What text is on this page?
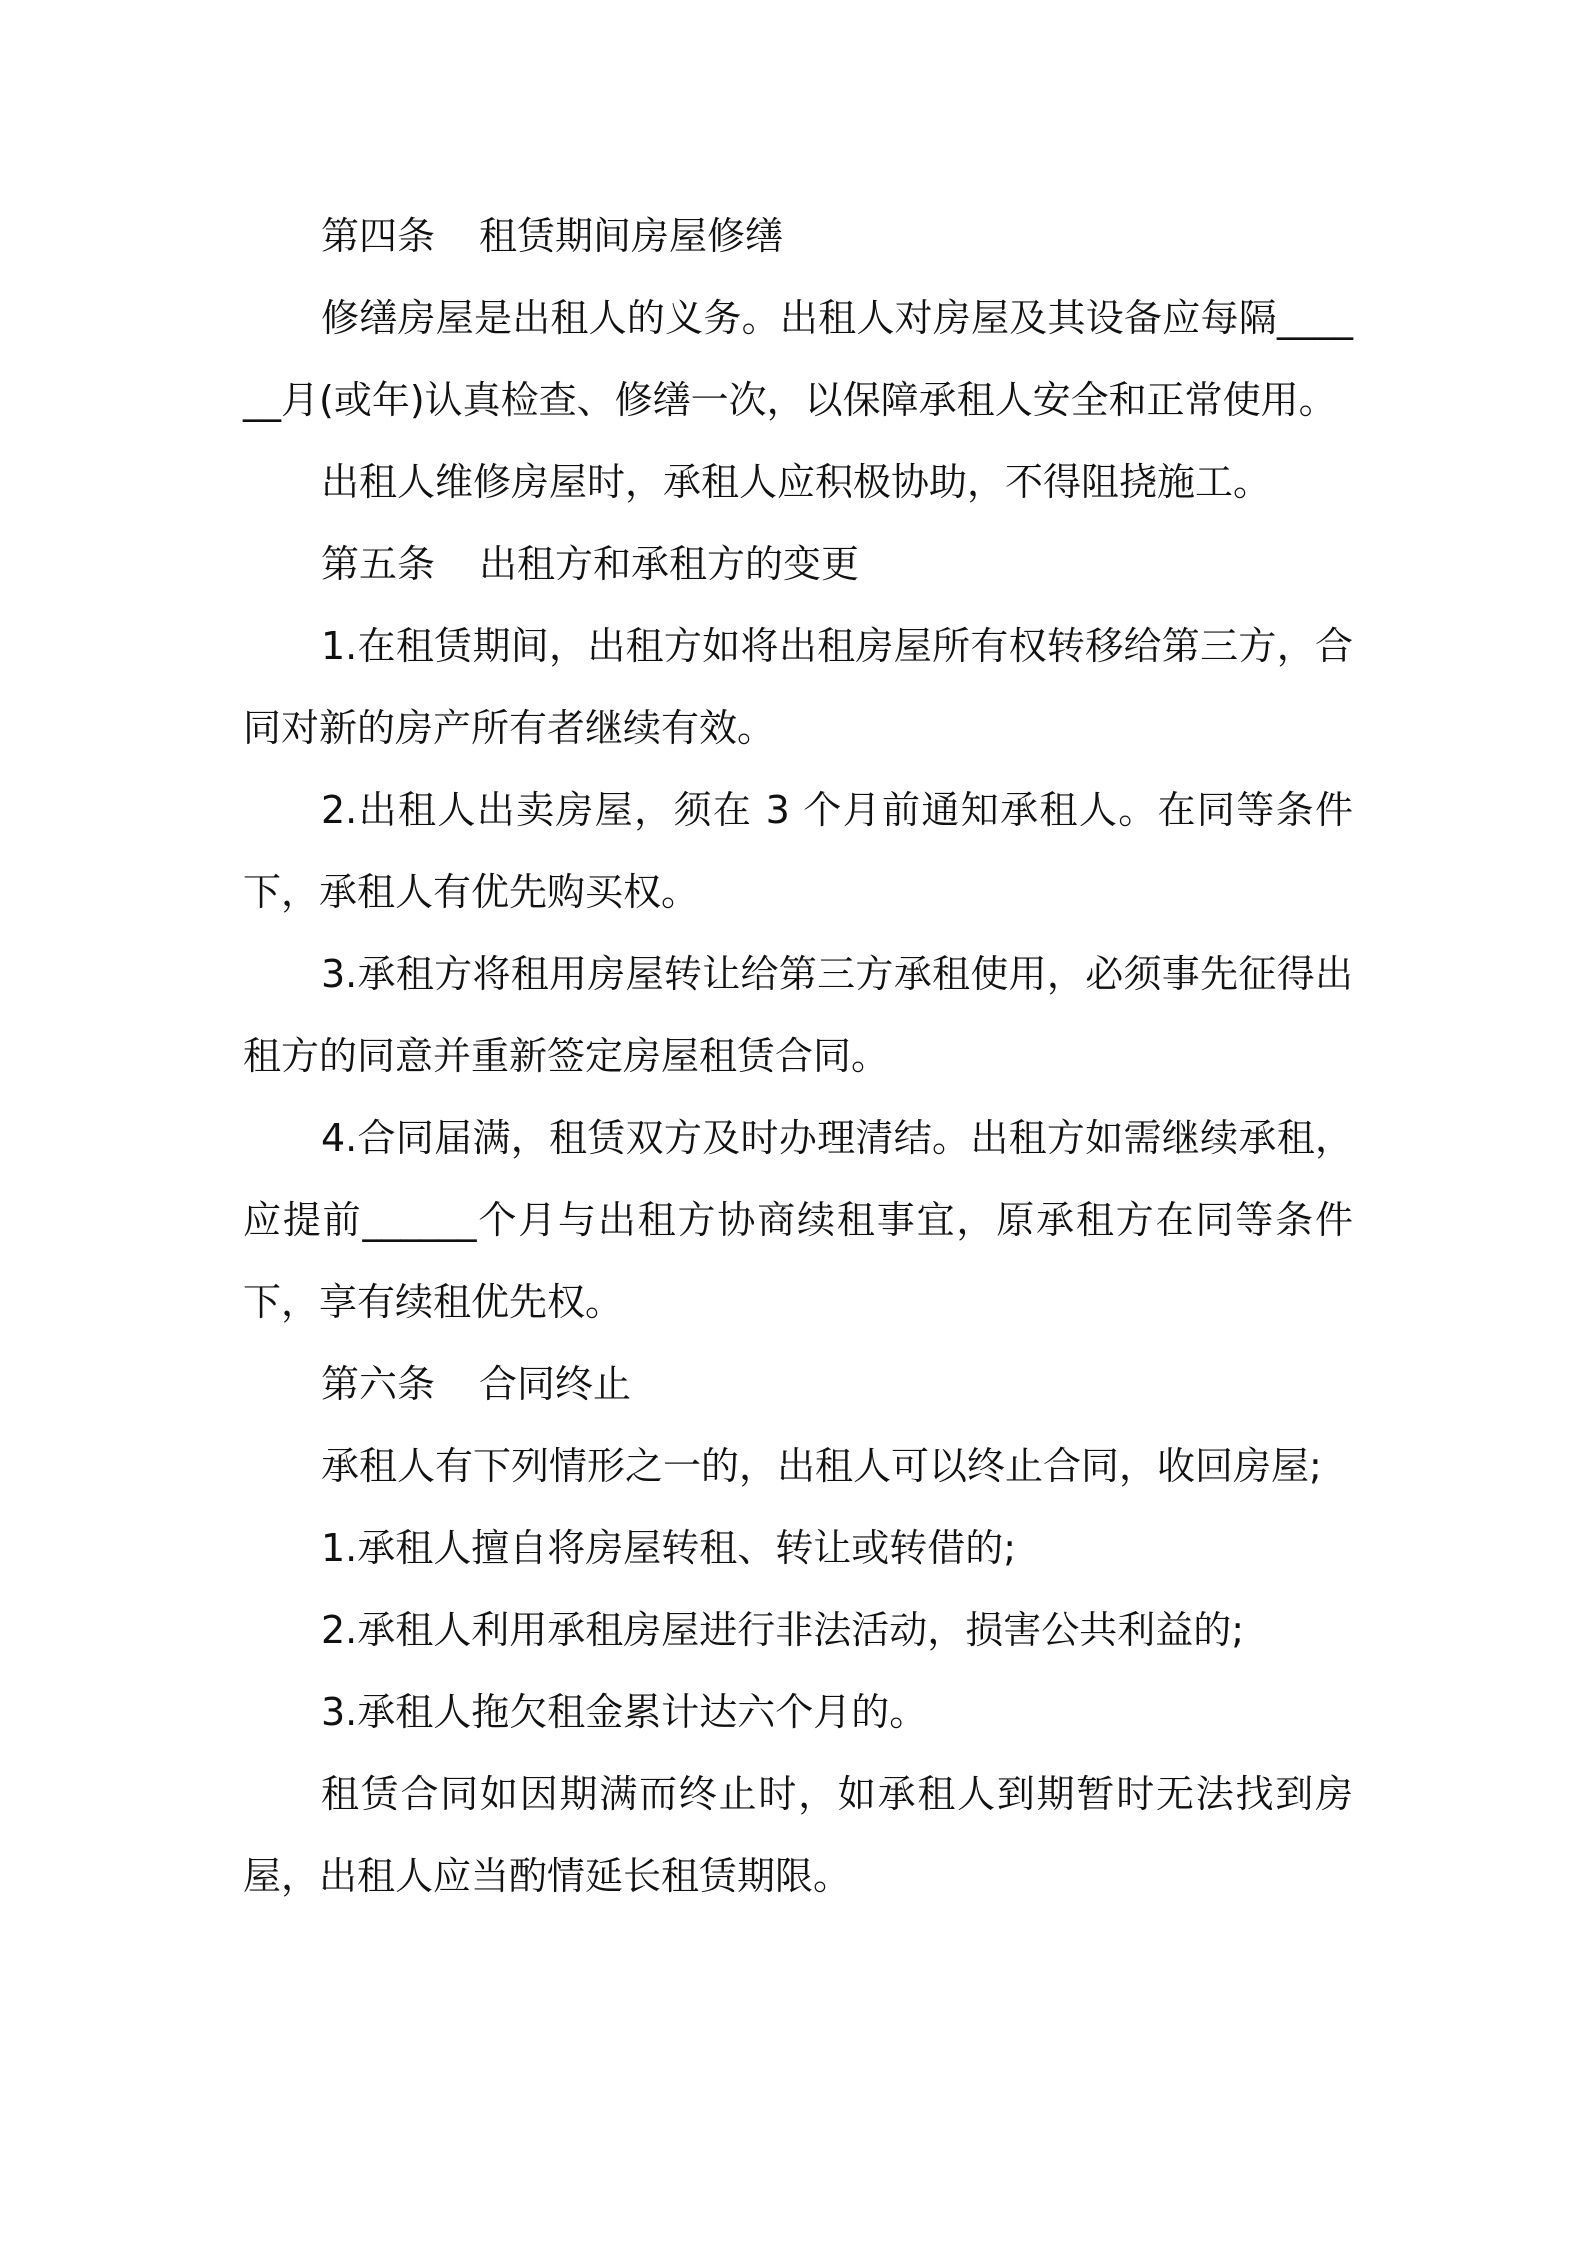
第四条 租赁期间房屋修缮

修缮房屋是出租人的义务。出租人对房屋及其设备应每隔______月(或年)认真检查、修缮一次，以保障承租人安全和正常使用。

出租人维修房屋时，承租人应积极协助，不得阻挠施工。

第五条 出租方和承租方的变更

1.在租赁期间，出租方如将出租房屋所有权转移给第三方，合同对新的房产所有者继续有效。

2.出租人出卖房屋，须在 3 个月前通知承租人。在同等条件下，承租人有优先购买权。

3.承租方将租用房屋转让给第三方承租使用，必须事先征得出租方的同意并重新签定房屋租赁合同。

4.合同届满，租赁双方及时办理清结。出租方如需继续承租，应提前______个月与出租方协商续租事宜，原承租方在同等条件下，享有续租优先权。

第六条 合同终止

承租人有下列情形之一的，出租人可以终止合同，收回房屋;

1.承租人擅自将房屋转租、转让或转借的;

2.承租人利用承租房屋进行非法活动，损害公共利益的;

3.承租人拖欠租金累计达六个月的。

租赁合同如因期满而终止时，如承租人到期暂时无法找到房屋，出租人应当酌情延长租赁期限。
